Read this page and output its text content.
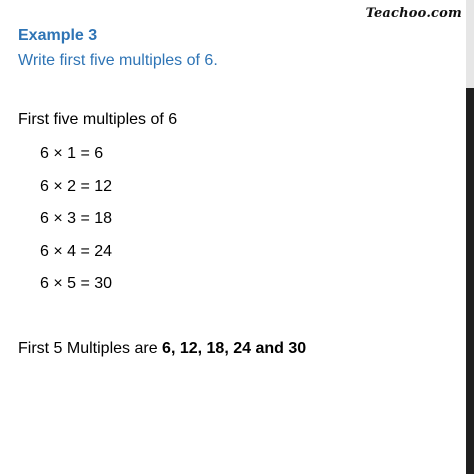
Teachoo.com
Example 3
Write first five multiples of 6.
First five multiples of 6
6 × 1 = 6
6 × 2 = 12
6 × 3 = 18
6 × 4 = 24
6 × 5 = 30
First 5 Multiples are 6, 12, 18, 24 and 30
